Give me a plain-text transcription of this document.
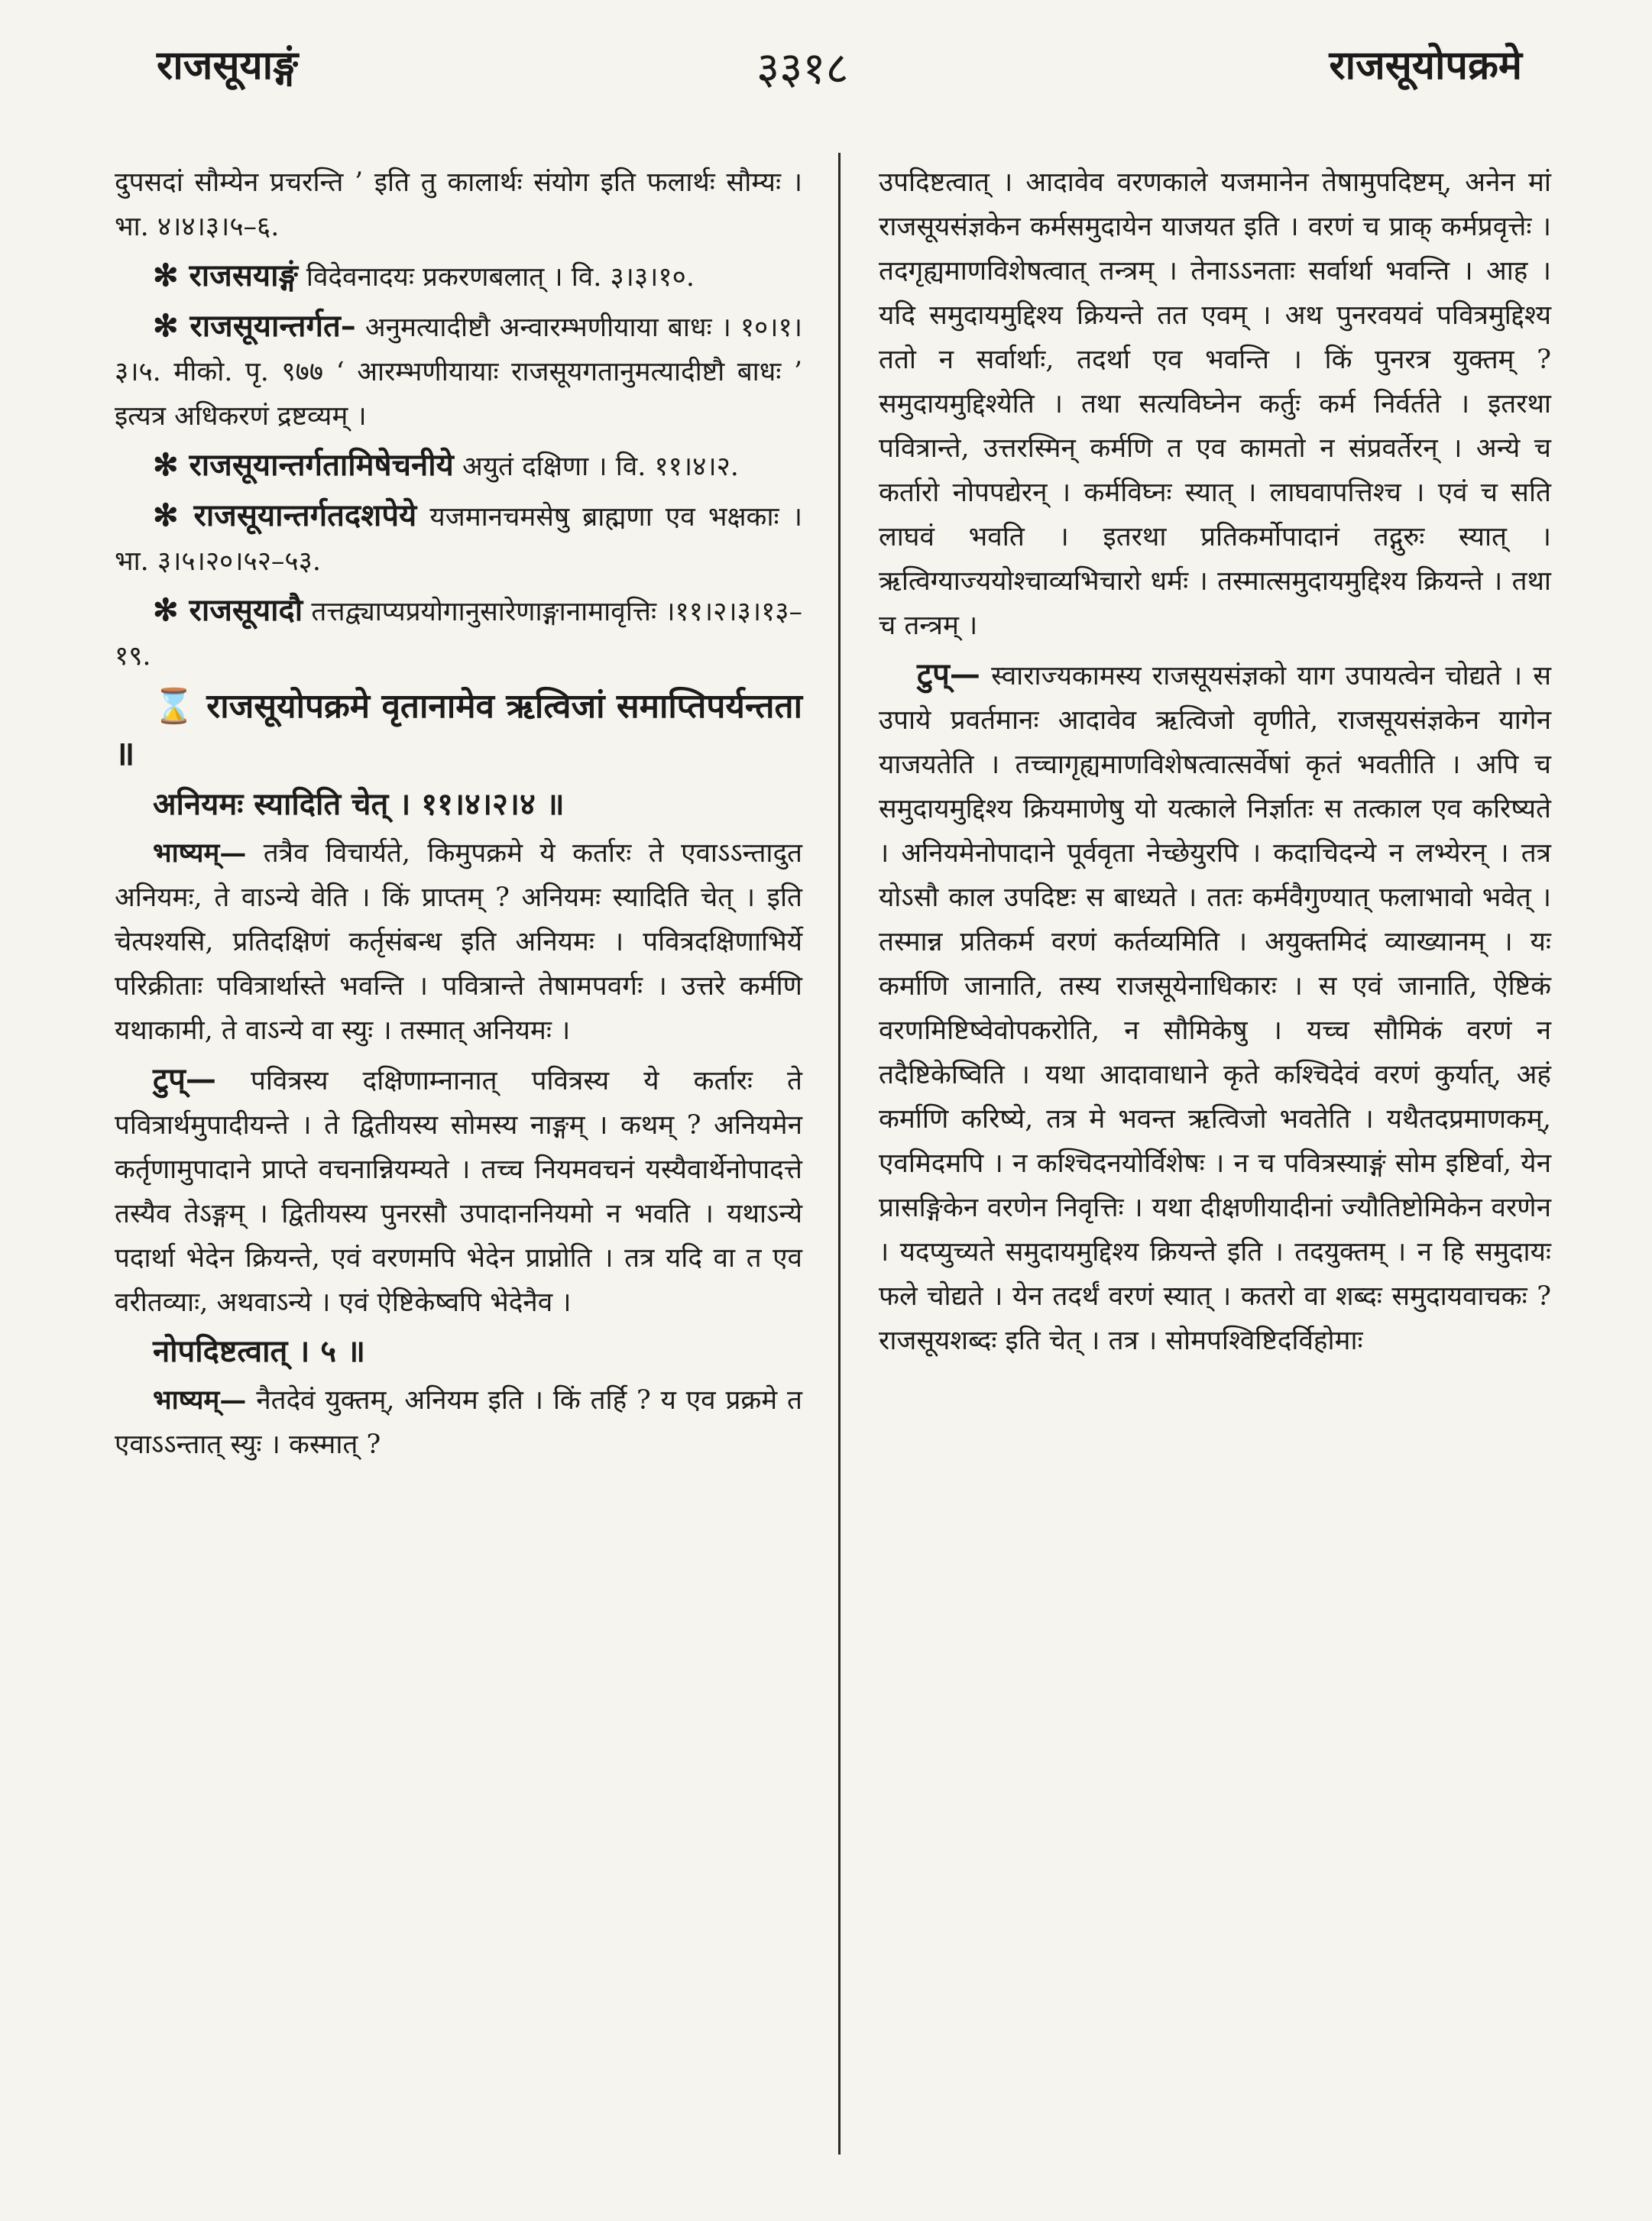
राजसूयाङ्गं	३३१८	राजसूयोपक्रमे

दुपसदां सौम्येन प्रचरन्ति ’ इति तु कालार्थः संयोग इति फलार्थः सौम्यः । भा. ४।४।३।५–६.

✻ राजसयाङ्गं विदेवनादयः प्रकरणबलात् । वि. ३।३।१०.

✻ राजसूयान्तर्गत– अनुमत्यादीष्टौ अन्वारम्भणीयाया बाधः । १०।१।३।५. मीको. पृ. ९७७ ‘ आरम्भणीयायाः राजसूयगतानुमत्यादीष्टौ बाधः ’ इत्यत्र अधिकरणं द्रष्टव्यम् ।

✻ राजसूयान्तर्गतामिषेचनीये अयुतं दक्षिणा । वि. ११।४।२.

✻ राजसूयान्तर्गतदशपेये यजमानचमसेषु ब्राह्मणा एव भक्षकाः । भा. ३।५।२०।५२–५३.

✻ राजसूयादौ तत्तद्व्याप्यप्रयोगानुसारेणाङ्गानामावृत्तिः ।११।२।३।१३–१९.

⌛ राजसूयोपक्रमे वृतानामेव ऋत्विजां समाप्तिपर्यन्तता ॥

अनियमः स्यादिति चेत् । ११।४।२।४ ॥

भाष्यम्— तत्रैव विचार्यते, किमुपक्रमे ये कर्तारः ते एवाऽऽन्तादुत अनियमः, ते वाऽन्ये वेति । किं प्राप्तम् ? अनियमः स्यादिति चेत् । इति चेत्पश्यसि, प्रतिदक्षिणं कर्तृसंबन्ध इति अनियमः । पवित्रदक्षिणाभिर्ये परिक्रीताः पवित्रार्थास्ते भवन्ति । पवित्रान्ते तेषामपवर्गः । उत्तरे कर्मणि यथाकामी, ते वाऽन्ये वा स्युः । तस्मात् अनियमः ।

टुप्— पवित्रस्य दक्षिणाम्नानात् पवित्रस्य ये कर्तारः ते पवित्रार्थमुपादीयन्ते । ते द्वितीयस्य सोमस्य नाङ्गम् । कथम् ? अनियमेन कर्तृणामुपादाने प्राप्ते वचनान्नियम्यते । तच्च नियमवचनं यस्यैवार्थेनोपादत्ते तस्यैव तेऽङ्गम् । द्वितीयस्य पुनरसौ उपादाननियमो न भवति । यथाऽन्ये पदार्था भेदेन क्रियन्ते, एवं वरणमपि भेदेन प्राप्नोति । तत्र यदि वा त एव वरीतव्याः, अथवाऽन्ये । एवं ऐष्टिकेष्वपि भेदेनैव ।

नोपदिष्टत्वात् । ५ ॥

भाष्यम्— नैतदेवं युक्तम्, अनियम इति । किं तर्हि ? य एव प्रक्रमे त एवाऽऽन्तात् स्युः । कस्मात् ?

उपदिष्टत्वात् । आदावेव वरणकाले यजमानेन तेषामुपदिष्टम्, अनेन मां राजसूयसंज्ञकेन कर्मसमुदायेन याजयत इति । वरणं च प्राक् कर्मप्रवृत्तेः । तदगृह्यमाणविशेषत्वात् तन्त्रम् । तेनाऽऽनताः सर्वार्था भवन्ति । आह । यदि समुदायमुद्दिश्य क्रियन्ते तत एवम् । अथ पुनरवयवं पवित्रमुद्दिश्य ततो न सर्वार्थाः, तदर्था एव भवन्ति । किं पुनरत्र युक्तम् ? समुदायमुद्दिश्येति । तथा सत्यविघ्नेन कर्तुः कर्म निर्वर्तते । इतरथा पवित्रान्ते, उत्तरस्मिन् कर्मणि त एव कामतो न संप्रवर्तेरन् । अन्ये च कर्तारो नोपपद्येरन् । कर्मविघ्नः स्यात् । लाघवापत्तिश्च । एवं च सति लाघवं भवति । इतरथा प्रतिकर्मोपादानं तद्गुरुः स्यात् । ऋत्विग्याज्ययोश्चाव्यभिचारो धर्मः । तस्मात्समुदायमुद्दिश्य क्रियन्ते । तथा च तन्त्रम् ।

टुप्— स्वाराज्यकामस्य राजसूयसंज्ञको याग उपायत्वेन चोद्यते । स उपाये प्रवर्तमानः आदावेव ऋत्विजो वृणीते, राजसूयसंज्ञकेन यागेन याजयतेति । तच्चागृह्यमाणविशेषत्वात्सर्वेषां कृतं भवतीति । अपि च समुदायमुद्दिश्य क्रियमाणेषु यो यत्काले निर्ज्ञातः स तत्काल एव करिष्यते । अनियमेनोपादाने पूर्ववृता नेच्छेयुरपि । कदाचिदन्ये न लभ्येरन् । तत्र योऽसौ काल उपदिष्टः स बाध्यते । ततः कर्मवैगुण्यात् फलाभावो भवेत् । तस्मान्न प्रतिकर्म वरणं कर्तव्यमिति । अयुक्तमिदं व्याख्यानम् । यः कर्माणि जानाति, तस्य राजसूयेनाधिकारः । स एवं जानाति, ऐष्टिकं वरणमिष्टिष्वेवोपकरोति, न सौमिकेषु । यच्च सौमिकं वरणं न तदैष्टिकेष्विति । यथा आदावाधाने कृते कश्चिदेवं वरणं कुर्यात्, अहं कर्माणि करिष्ये, तत्र मे भवन्त ऋत्विजो भवतेति । यथैतदप्रमाणकम्, एवमिदमपि । न कश्चिदनयोर्विशेषः । न च पवित्रस्याङ्गं सोम इष्टिर्वा, येन प्रासङ्गिकेन वरणेन निवृत्तिः । यथा दीक्षणीयादीनां ज्यौतिष्टोमिकेन वरणेन । यदप्युच्यते समुदायमुद्दिश्य क्रियन्ते इति । तदयुक्तम् । न हि समुदायः फले चोद्यते । येन तदर्थं वरणं स्यात् । कतरो वा शब्दः समुदायवाचकः ? राजसूयशब्दः इति चेत् । तत्र । सोमपश्विष्टिदर्विहोमाः
